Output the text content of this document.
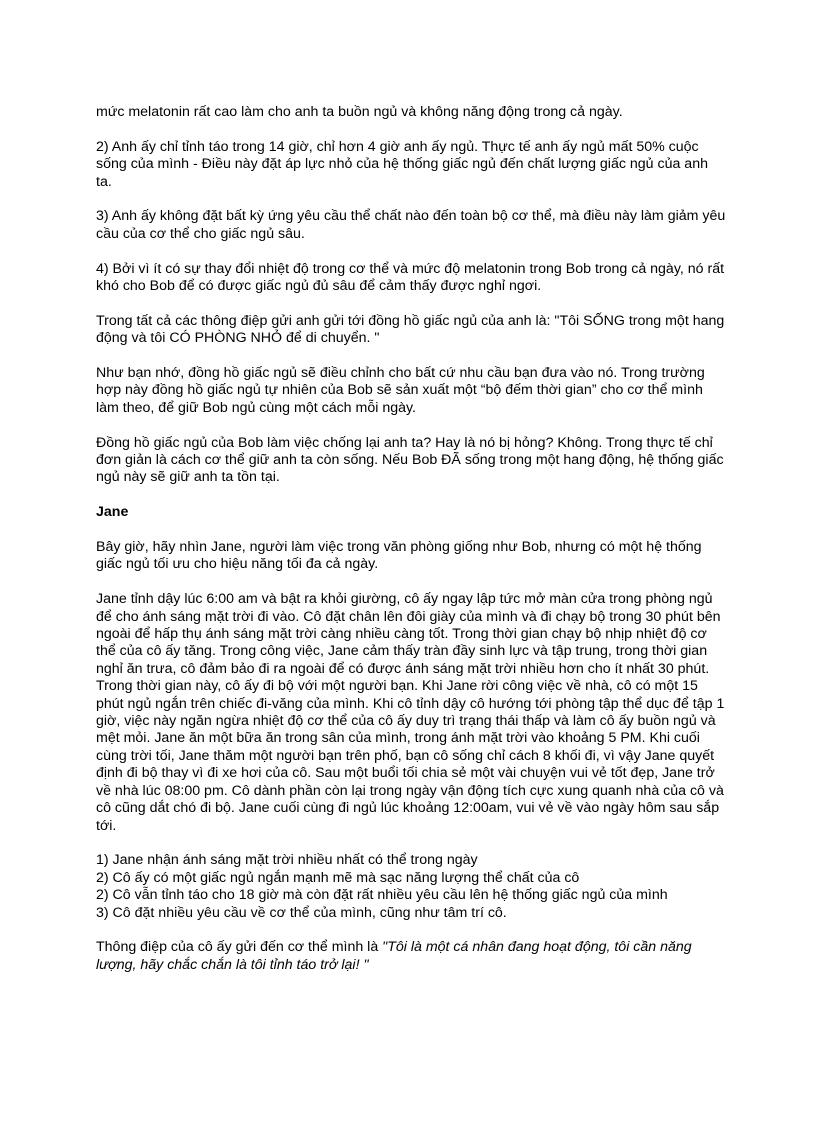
mức melatonin rất cao làm cho anh ta buồn ngủ và không năng động trong cả ngày.

2) Anh ấy chỉ tỉnh táo trong 14 giờ, chỉ hơn 4 giờ anh ấy ngủ. Thực tế anh ấy ngủ mất 50% cuộc sống của mình - Điều này đặt áp lực nhỏ của hệ thống giấc ngủ đến chất lượng giấc ngủ của anh ta.

3) Anh ấy không đặt bất kỳ ứng yêu cầu thể chất nào đến toàn bộ cơ thể, mà điều này làm giảm yêu cầu của cơ thể cho giấc ngủ sâu.

4) Bởi vì ít có sự thay đổi nhiệt độ trong cơ thể và mức độ melatonin trong Bob trong cả ngày, nó rất khó cho Bob để có được giấc ngủ đủ sâu để cảm thấy được nghỉ ngơi.

Trong tất cả các thông điệp gửi anh gửi tới đồng hồ giấc ngủ của anh là: "Tôi SỐNG trong một hang động và tôi CÓ PHÒNG NHỎ để di chuyển. "

Như bạn nhớ, đồng hồ giấc ngủ sẽ điều chỉnh cho bất cứ nhu cầu bạn đưa vào nó. Trong trường hợp này đồng hồ giấc ngủ tự nhiên của Bob sẽ sản xuất một “bộ đếm thời gian” cho cơ thể mình làm theo, để giữ Bob ngủ cùng một cách mỗi ngày.

Đồng hồ giấc ngủ của Bob làm việc chống lại anh ta? Hay là nó bị hỏng? Không. Trong thực tế chỉ đơn giản là cách cơ thể giữ anh ta còn sống. Nếu Bob ĐÃ sống trong một hang động, hệ thống giấc ngủ này sẽ giữ anh ta tồn tại.

Jane

Bây giờ, hãy nhìn Jane, người làm việc trong văn phòng giống như Bob, nhưng có một hệ thống giấc ngủ tối ưu cho hiệu năng tối đa cả ngày.

Jane tỉnh dậy lúc 6:00 am và bật ra khỏi giường, cô ấy ngay lập tức mở màn cửa trong phòng ngủ để cho ánh sáng mặt trời đi vào. Cô đặt chân lên đôi giày của mình và đi chạy bộ trong 30 phút bên ngoài để hấp thụ ánh sáng mặt trời càng nhiều càng tốt. Trong thời gian chạy bộ nhịp nhiệt độ cơ thể của cô ấy tăng. Trong công việc, Jane cảm thấy tràn đầy sinh lực và tập trung, trong thời gian nghỉ ăn trưa, cô đảm bảo đi ra ngoài để có được ánh sáng mặt trời nhiều hơn cho ít nhất 30 phút. Trong thời gian này, cô ấy đi bộ với một người bạn. Khi Jane rời công việc về nhà, cô có một 15 phút ngủ ngắn trên chiếc đi-văng của mình. Khi cô tỉnh dậy cô hướng tới phòng tập thể dục để tập 1 giờ, việc này ngăn ngừa nhiệt độ cơ thể của cô ấy duy trì trạng thái thấp và làm cô ấy buồn ngủ và mệt mỏi. Jane ăn một bữa ăn trong sân của mình, trong ánh mặt trời vào khoảng 5 PM. Khi cuối cùng trời tối, Jane thăm một người bạn trên phố, bạn cô sống chỉ cách 8 khối đi, vì vậy Jane quyết định đi bộ thay vì đi xe hơi của cô. Sau một buổi tối chia sẻ một vài chuyện vui vẻ tốt đẹp, Jane trở về nhà lúc 08:00 pm. Cô dành phần còn lại trong ngày vận động tích cực xung quanh nhà của cô và cô cũng dắt chó đi bộ. Jane cuối cùng đi ngủ lúc khoảng 12:00am, vui vẻ về vào ngày hôm sau sắp tới.

1) Jane nhận ánh sáng mặt trời nhiều nhất có thể trong ngày
2) Cô ấy có một giấc ngủ ngắn mạnh mẽ mà sạc năng lượng thể chất của cô
2) Cô vẫn tỉnh táo cho 18 giờ mà còn đặt rất nhiều yêu cầu lên hệ thống giấc ngủ của mình
3) Cô đặt nhiều yêu cầu về cơ thể của mình, cũng như tâm trí cô.

Thông điệp của cô ấy gửi đến cơ thể mình là "Tôi là một cá nhân đang hoạt động, tôi cần năng lượng, hãy chắc chắn là tôi tỉnh táo trở lại! "
